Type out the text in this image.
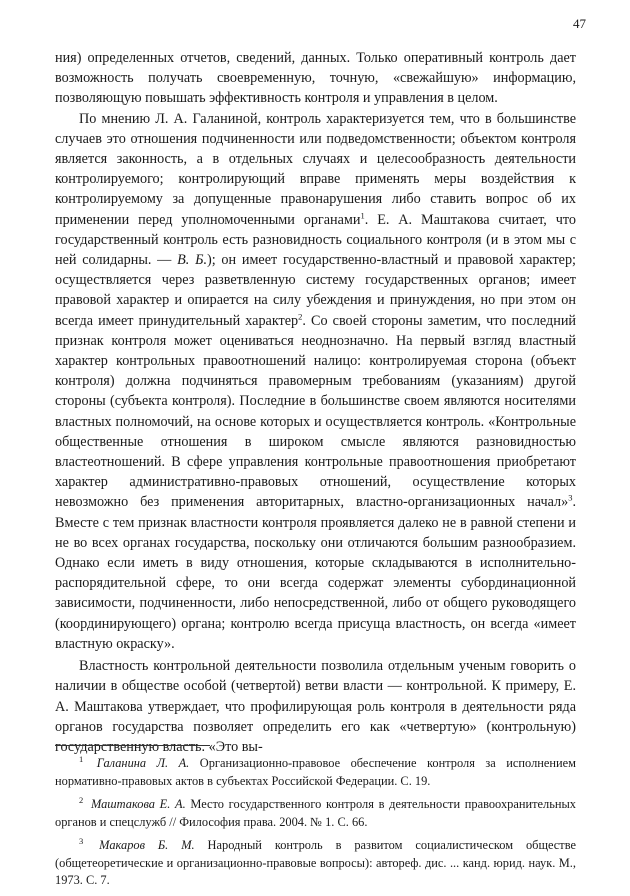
47

ния) определенных отчетов, сведений, данных. Только оперативный контроль дает возможность получать своевременную, точную, «свежайшую» информацию, позволяющую повышать эффективность контроля и управления в целом.

По мнению Л. А. Галаниной, контроль характеризуется тем, что в большинстве случаев это отношения подчиненности или подведомственности; объектом контроля является законность, а в отдельных случаях и целесообразность деятельности контролируемого; контролирующий вправе применять меры воздействия к контролируемому за допущенные правонарушения либо ставить вопрос об их применении перед уполномоченными органами$^1$. Е. А. Маштакова считает, что государственный контроль есть разновидность социального контроля (и в этом мы с ней солидарны. — В. Б.); он имеет государственно-властный и правовой характер; осуществляется через разветвленную систему государственных органов; имеет правовой характер и опирается на силу убеждения и принуждения, но при этом он всегда имеет принудительный характер$^2$. Со своей стороны заметим, что последний признак контроля может оцениваться неоднозначно. На первый взгляд властный характер контрольных правоотношений налицо: контролируемая сторона (объект контроля) должна подчиняться правомерным требованиям (указаниям) другой стороны (субъекта контроля). Последние в большинстве своем являются носителями властных полномочий, на основе которых и осуществляется контроль. «Контрольные общественные отношения в широком смысле являются разновидностью властеотношений. В сфере управления контрольные правоотношения приобретают характер административно-правовых отношений, осуществление которых невозможно без применения авторитарных, властно-организационных начал»$^3$. Вместе с тем признак властности контроля проявляется далеко не в равной степени и не во всех органах государства, поскольку они отличаются большим разнообразием. Однако если иметь в виду отношения, которые складываются в исполнительно-распорядительной сфере, то они всегда содержат элементы субординационной зависимости, подчиненности, либо непосредственной, либо от общего руководящего (координирующего) органа; контролю всегда присуща властность, он всегда «имеет властную окраску».

Властность контрольной деятельности позволила отдельным ученым говорить о наличии в обществе особой (четвертой) ветви власти — контрольной. К примеру, Е. А. Маштакова утверждает, что профилирующая роль контроля в деятельности ряда органов государства позволяет определить его как «четвертую» (контрольную) государственную власть. «Это вы-

$^1$ Галанина Л. А. Организационно-правовое обеспечение контроля за исполнением нормативно-правовых актов в субъектах Российской Федерации. С. 19.

$^2$ Маштакова Е. А. Место государственного контроля в деятельности правоохранительных органов и спецслужб // Философия права. 2004. № 1. С. 66.

$^3$ Макаров Б. М. Народный контроль в развитом социалистическом обществе (общетеоретические и организационно-правовые вопросы): автореф. дис. ... канд. юрид. наук. М., 1973. С. 7.
